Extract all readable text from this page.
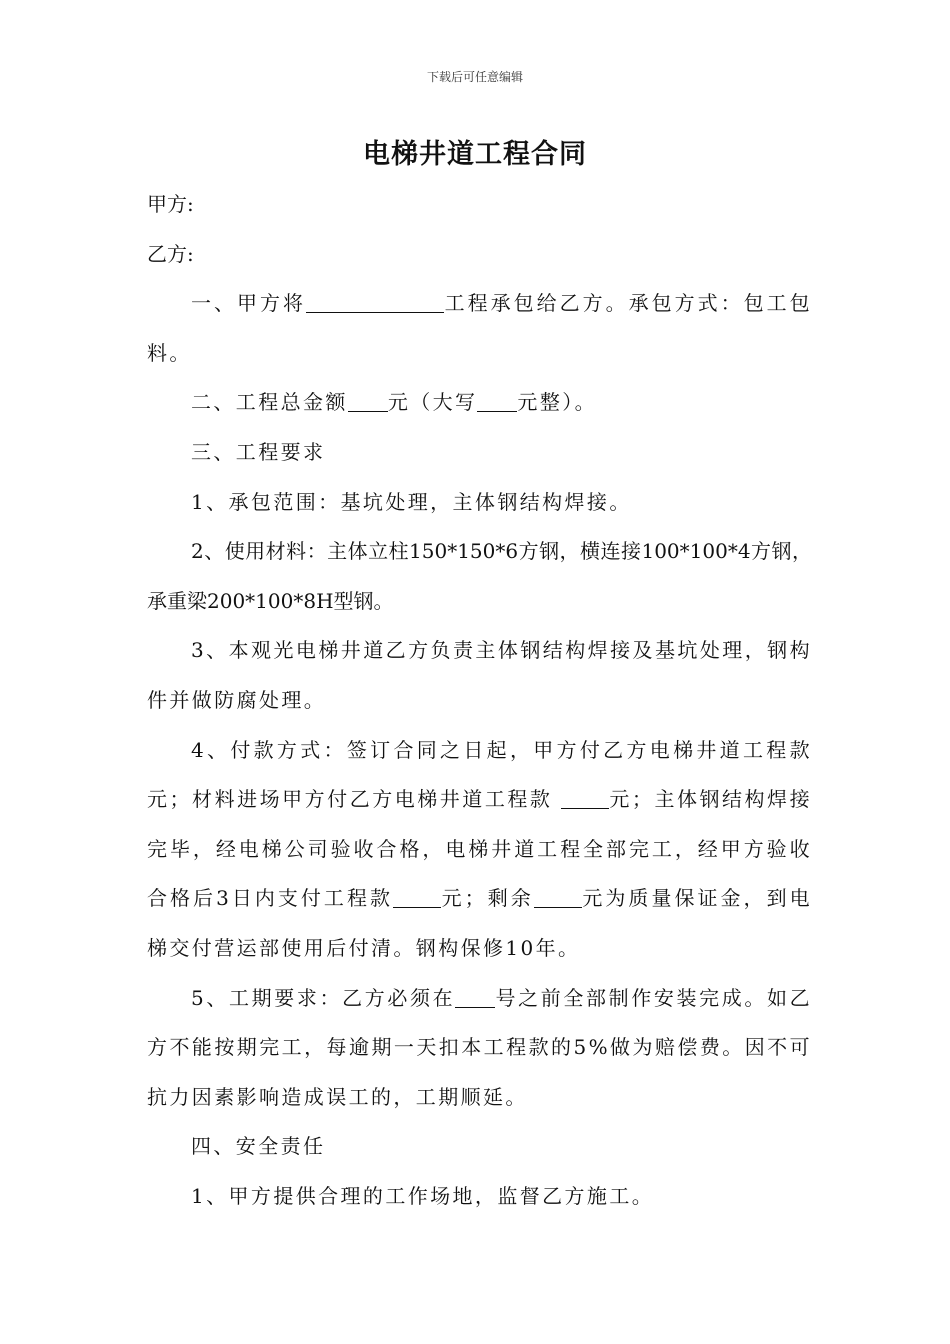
下载后可任意编辑
电梯井道工程合同

甲方:

乙方:

一、甲方将	工程承包给乙方。承包方式：包工包料。

二、工程总金额 元（大写 元整）。

三、工程要求

1、承包范围：基坑处理，主体钢结构焊接。

2、使用材料：主体立柱150*150*6方钢，横连接100*100*4方钢，承重梁200*100*8H型钢。

3、本观光电梯井道乙方负责主体钢结构焊接及基坑处理，钢构件并做防腐处理。

4、付款方式：签订合同之日起，甲方付乙方电梯井道工程款元；材料进场甲方付乙方电梯井道工程款 元；主体钢结构焊接完毕，经电梯公司验收合格，电梯井道工程全部完工，经甲方验收合格后3日内支付工程款 元；剩余 元为质量保证金，到电梯交付营运部使用后付清。钢构保修10年。

5、工期要求：乙方必须在 号之前全部制作安装完成。如乙方不能按期完工，每逾期一天扣本工程款的5%做为赔偿费。因不可抗力因素影响造成误工的，工期顺延。

四、安全责任

1、甲方提供合理的工作场地，监督乙方施工。
